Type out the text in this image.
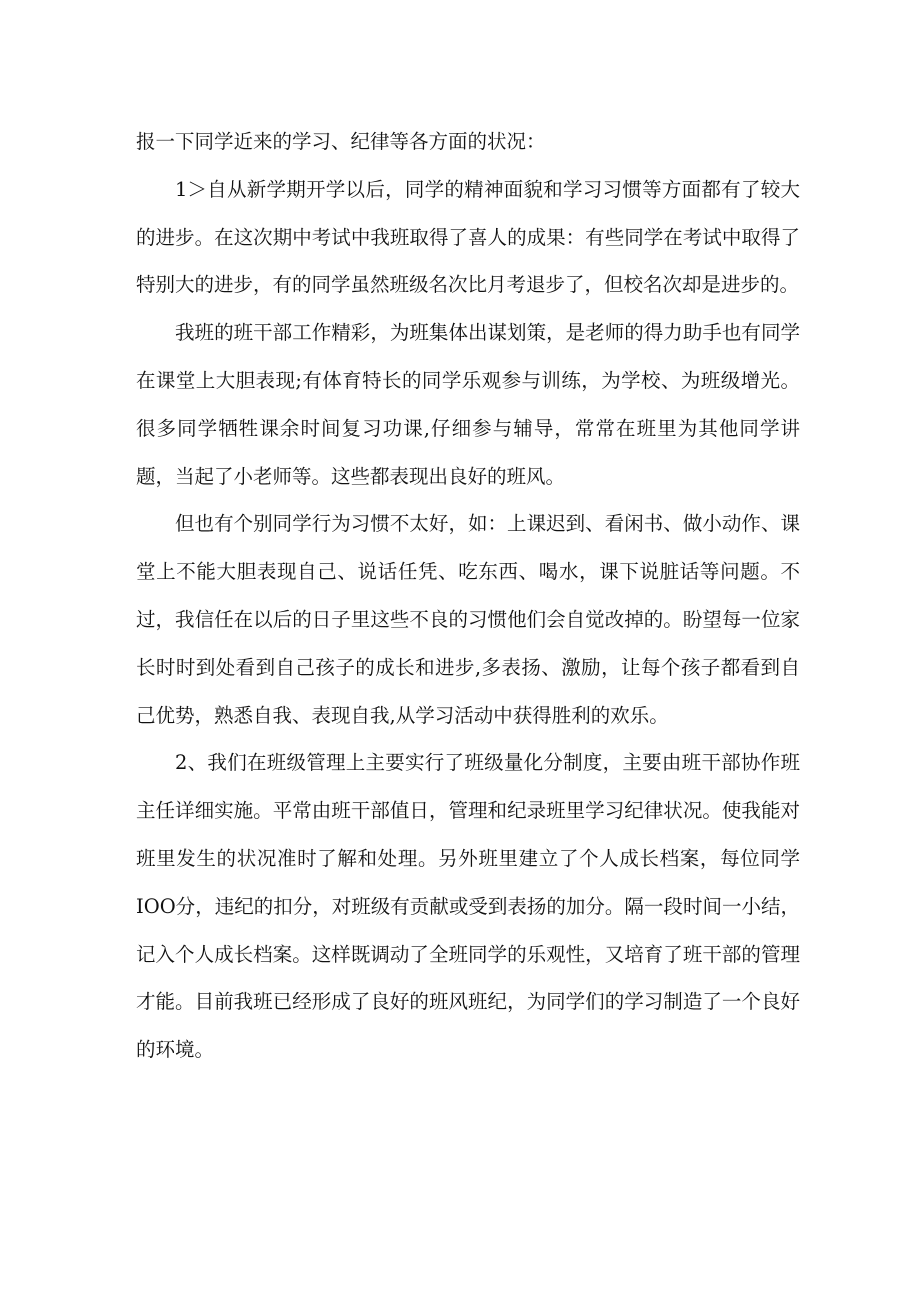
报一下同学近来的学习、纪律等各方面的状况：

1＞自从新学期开学以后，同学的精神面貌和学习习惯等方面都有了较大的进步。在这次期中考试中我班取得了喜人的成果：有些同学在考试中取得了特别大的进步，有的同学虽然班级名次比月考退步了，但校名次却是进步的。

我班的班干部工作精彩，为班集体出谋划策，是老师的得力助手也有同学在课堂上大胆表现;有体育特长的同学乐观参与训练，为学校、为班级增光。很多同学牺牲课余时间复习功课,仔细参与辅导，常常在班里为其他同学讲题，当起了小老师等。这些都表现出良好的班风。

但也有个别同学行为习惯不太好，如：上课迟到、看闲书、做小动作、课堂上不能大胆表现自己、说话任凭、吃东西、喝水，课下说脏话等问题。不过，我信任在以后的日子里这些不良的习惯他们会自觉改掉的。盼望每一位家长时时到处看到自己孩子的成长和进步,多表扬、激励，让每个孩子都看到自己优势，熟悉自我、表现自我,从学习活动中获得胜利的欢乐。

2、我们在班级管理上主要实行了班级量化分制度，主要由班干部协作班主任详细实施。平常由班干部值日，管理和纪录班里学习纪律状况。使我能对班里发生的状况准时了解和处理。另外班里建立了个人成长档案，每位同学IOO分，违纪的扣分，对班级有贡献或受到表扬的加分。隔一段时间一小结，记入个人成长档案。这样既调动了全班同学的乐观性，又培育了班干部的管理才能。目前我班已经形成了良好的班风班纪，为同学们的学习制造了一个良好的环境。
